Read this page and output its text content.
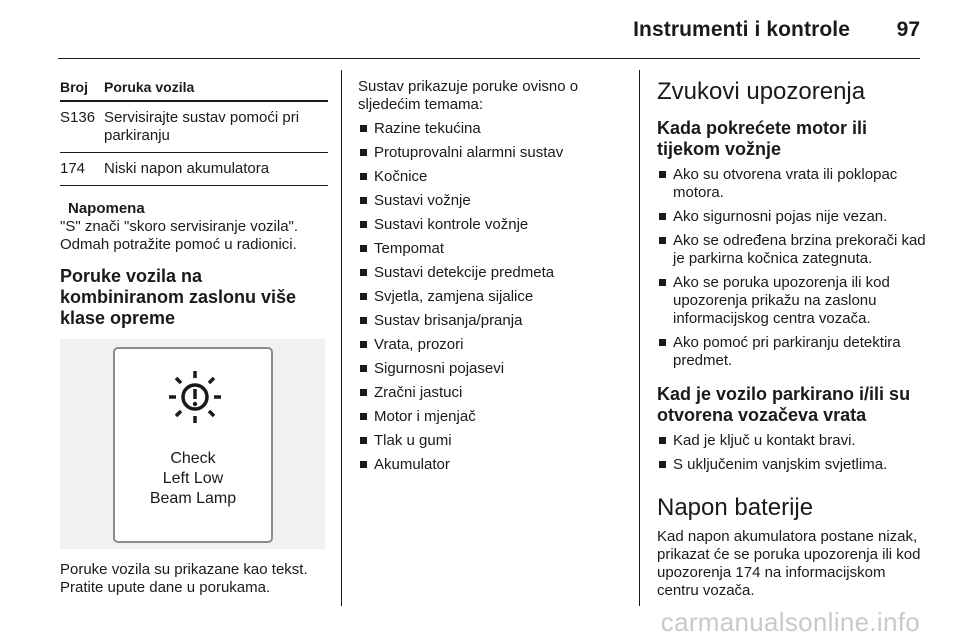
Instrumenti i kontrole 97
Broj	Poruka vozila
S136 Servisirajte sustav pomoći pri parkiranju
174	Niski napon akumulatora
Napomena
"S" znači "skoro servisiranje vozila". Odmah potražite pomoć u radionici.
Poruke vozila na kombiniranom zaslonu više klase opreme
Check
Left Low
Beam Lamp
Poruke vozila su prikazane kao tekst. Pratite upute dane u porukama.
Sustav prikazuje poruke ovisno o sljedećim temama:
Razine tekućina
Protuprovalni alarmni sustav
Kočnice
Sustavi vožnje
Sustavi kontrole vožnje
Tempomat
Sustavi detekcije predmeta
Svjetla, zamjena sijalice
Sustav brisanja/pranja
Vrata, prozori
Sigurnosni pojasevi
Zračni jastuci
Motor i mjenjač
Tlak u gumi
Akumulator
Zvukovi upozorenja
Kada pokrećete motor ili tijekom vožnje
Ako su otvorena vrata ili poklopac motora.
Ako sigurnosni pojas nije vezan.
Ako se određena brzina prekorači kad je parkirna kočnica zategnuta.
Ako se poruka upozorenja ili kod upozorenja prikažu na zaslonu informacijskog centra vozača.
Ako pomoć pri parkiranju detektira predmet.
Kad je vozilo parkirano i/ili su otvorena vozačeva vrata
Kad je ključ u kontakt bravi.
S uključenim vanjskim svjetlima.
Napon baterije
Kad napon akumulatora postane nizak, prikazat će se poruka upozorenja ili kod upozorenja 174 na informacijskom centru vozača.
carmanualsonline.info
